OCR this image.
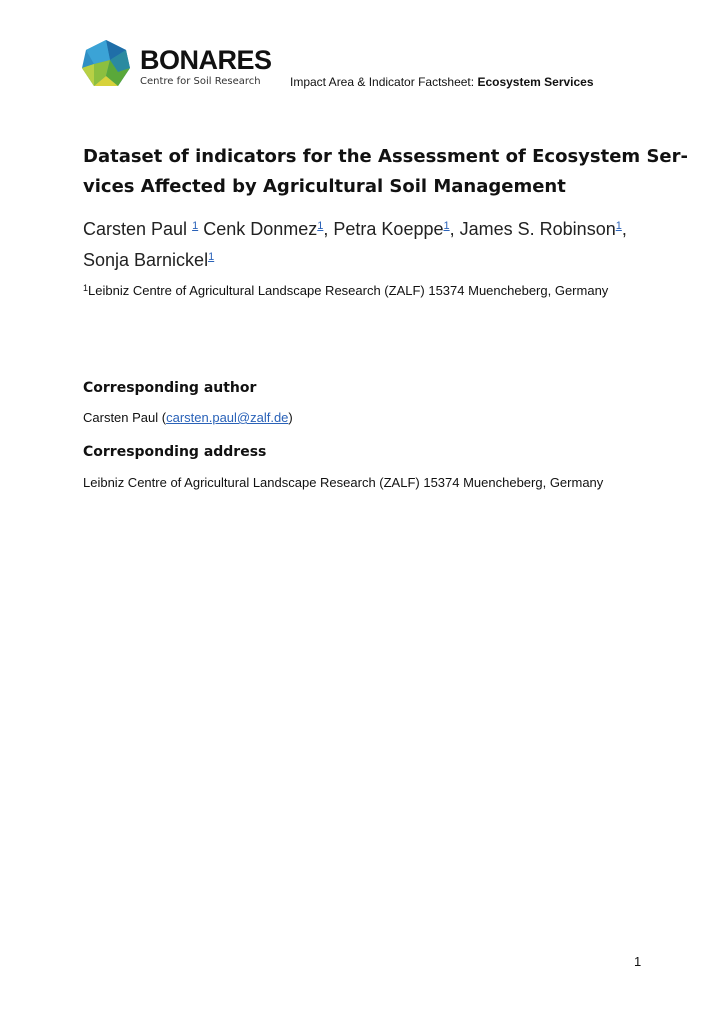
BONARES
Centre for Soil Research	Impact Area & Indicator Factsheet: Ecosystem Services
Dataset of indicators for the Assessment of Ecosystem Ser-
vices Affected by Agricultural Soil Management
Carsten Paul $^1$ Cenk Donmez$^1$, Petra Koeppe$^1$, James S. Robinson$^1$,
Sonja Barnickel$^1$
$^1$Leibniz Centre of Agricultural Landscape Research (ZALF) 15374 Muencheberg, Germany
Corresponding author
Carsten Paul (carsten.paul@zalf.de)
Corresponding address
Leibniz Centre of Agricultural Landscape Research (ZALF) 15374 Muencheberg, Germany
1
